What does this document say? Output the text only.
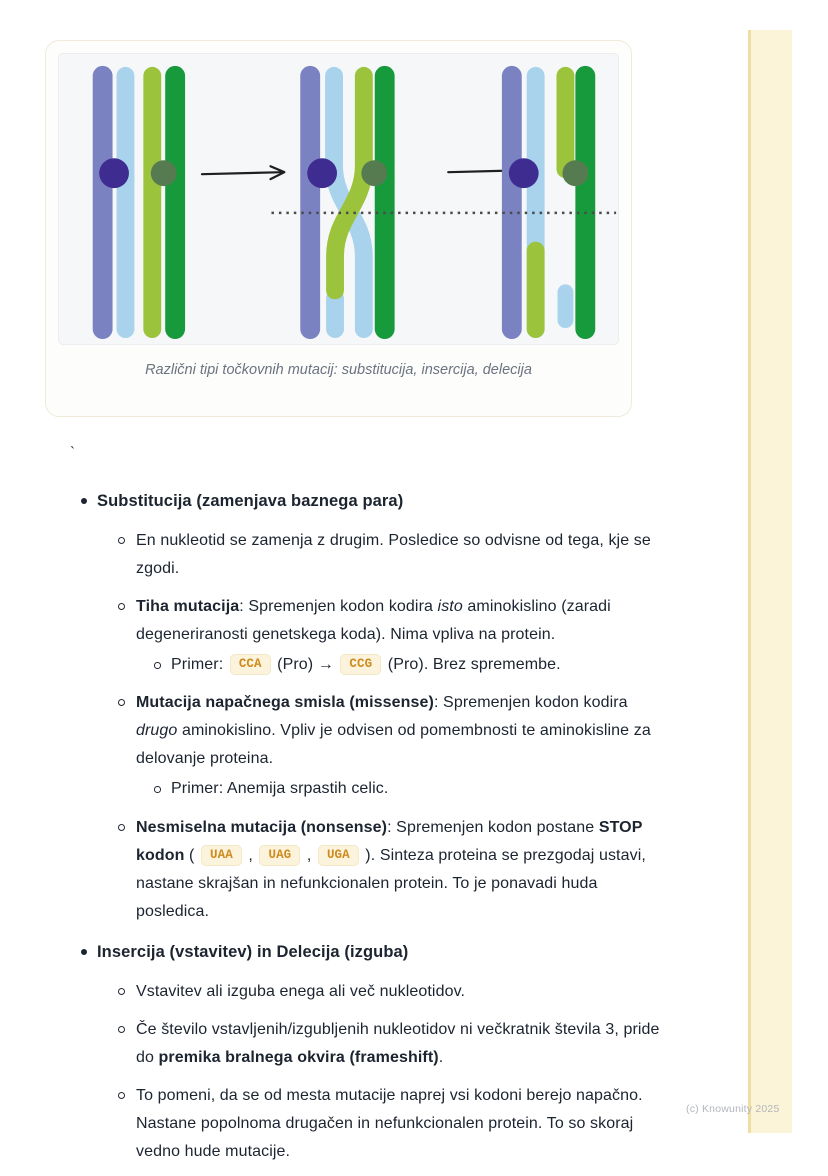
Različni tipi točkovnih mutacij: substitucija, insercija, delecija
`
Substitucija (zamenjava baznega para)
En nukleotid se zamenja z drugim. Posledice so odvisne od tega, kje se zgodi.
Tiha mutacija: Spremenjen kodon kodira isto aminokislino (zaradi degeneriranosti genetskega koda). Nima vpliva na protein.
Primer: CCA (Pro) → CCG (Pro). Brez spremembe.
Mutacija napačnega smisla (missense): Spremenjen kodon kodira drugo aminokislino. Vpliv je odvisen od pomembnosti te aminokisline za delovanje proteina.
Primer: Anemija srpastih celic.
Nesmiselna mutacija (nonsense): Spremenjen kodon postane STOP kodon ( UAA , UAG , UGA ). Sinteza proteina se prezgodaj ustavi, nastane skrajšan in nefunkcionalen protein. To je ponavadi huda posledica.
Insercija (vstavitev) in Delecija (izguba)
Vstavitev ali izguba enega ali več nukleotidov.
Če število vstavljenih/izgubljenih nukleotidov ni večkratnik števila 3, pride do premika bralnega okvira (frameshift).
To pomeni, da se od mesta mutacije naprej vsi kodoni berejo napačno. Nastane popolnoma drugačen in nefunkcionalen protein. To so skoraj vedno hude mutacije.
(c) Knowunity 2025
